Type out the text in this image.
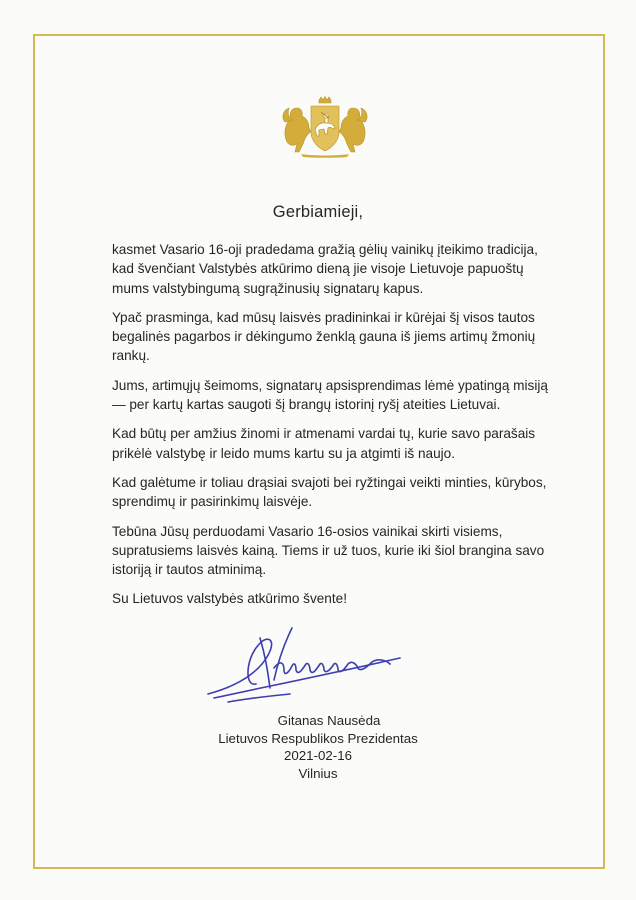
Gerbiamieji,

kasmet Vasario 16-oji pradedama gražią gėlių vainikų įteikimo tradicija, kad švenčiant Valstybės atkūrimo dieną jie visoje Lietuvoje papuoštų mums valstybingumą sugrąžinusių signatarų kapus.

Ypač prasminga, kad mūsų laisvės pradininkai ir kūrėjai šį visos tautos begalinės pagarbos ir dėkingumo ženklą gauna iš jiems artimų žmonių rankų.

Jums, artimųjų šeimoms, signatarų apsisprendimas lėmė ypatingą misiją — per kartų kartas saugoti šį brangų istorinį ryšį ateities Lietuvai.

Kad būtų per amžius žinomi ir atmenami vardai tų, kurie savo parašais prikėlė valstybę ir leido mums kartu su ja atgimti iš naujo.

Kad galėtume ir toliau drąsiai svajoti bei ryžtingai veikti minties, kūrybos, sprendimų ir pasirinkimų laisvėje.

Tebūna Jūsų perduodami Vasario 16-osios vainikai skirti visiems, supratusiems laisvės kainą. Tiems ir už tuos, kurie iki šiol brangina savo istoriją ir tautos atminimą.

Su Lietuvos valstybės atkūrimo švente!

Gitanas Nausėda
Lietuvos Respublikos Prezidentas
2021-02-16
Vilnius
